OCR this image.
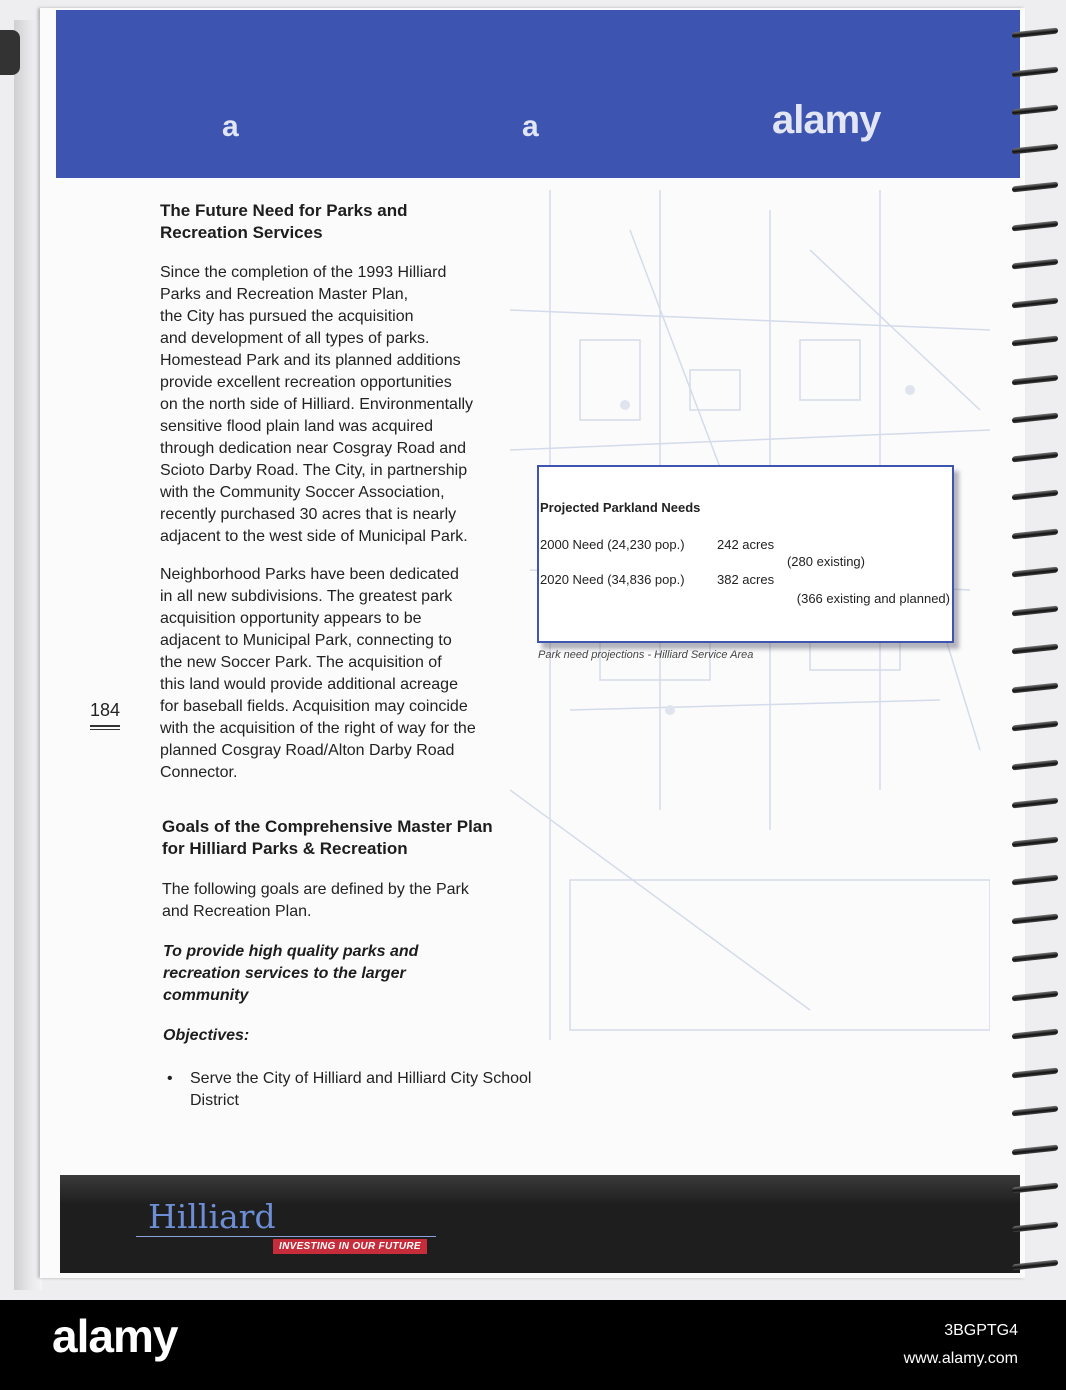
a	a	alamy
The Future Need for Parks and
Recreation Services
Since the completion of the 1993 Hilliard
Parks and Recreation Master Plan,
the City has pursued the acquisition
and development of all types of parks.
Homestead Park and its planned additions
provide excellent recreation opportunities
on the north side of Hilliard. Environmentally
sensitive flood plain land was acquired
through dedication near Cosgray Road and
Scioto Darby Road. The City, in partnership
with the Community Soccer Association,
recently purchased 30 acres that is nearly
adjacent to the west side of Municipal Park.
Neighborhood Parks have been dedicated
in all new subdivisions. The greatest park
acquisition opportunity appears to be
adjacent to Municipal Park, connecting to
the new Soccer Park. The acquisition of
this land would provide additional acreage
for baseball fields. Acquisition may coincide
with the acquisition of the right of way for the
planned Cosgray Road/Alton Darby Road
Connector.
184
Goals of the Comprehensive Master Plan
for Hilliard Parks & Recreation
The following goals are defined by the Park
and Recreation Plan.
To provide high quality parks and
recreation services to the larger
community
Objectives:
• Serve the City of Hilliard and Hilliard City School District
Projected Parkland Needs
2000 Need (24,230 pop.) 242 acres
(280 existing)
2020 Need (34,836 pop.) 382 acres
(366 existing and planned)
Park need projections - Hilliard Service Area
Hilliard
INVESTING IN OUR FUTURE
alamy	3BGPTG4
www.alamy.com
